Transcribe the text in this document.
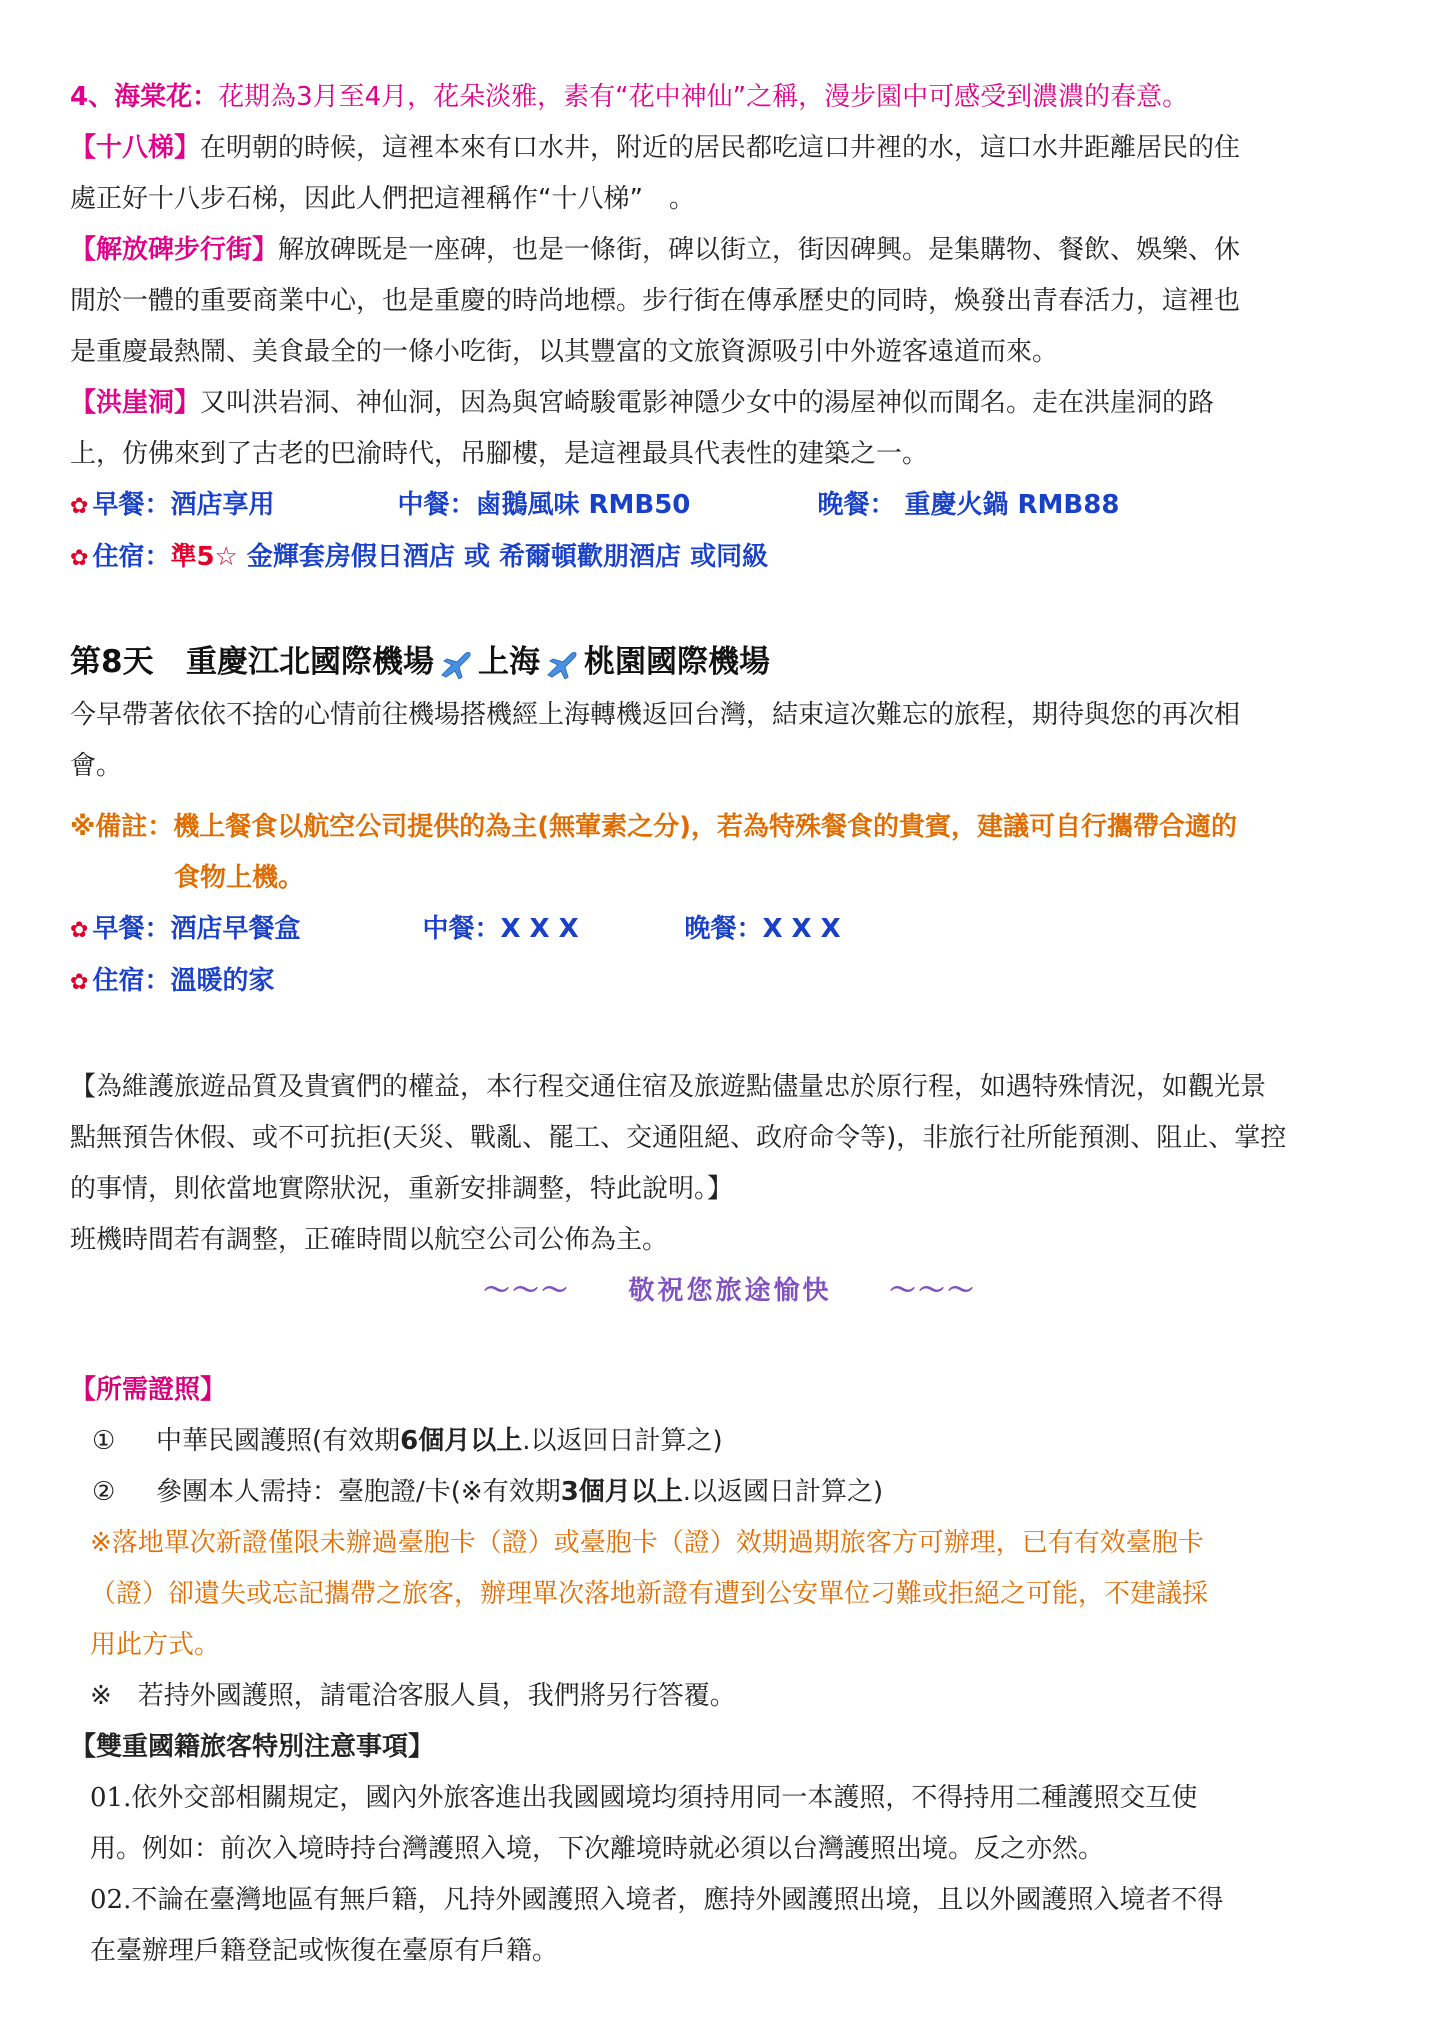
4、海棠花：花期為3月至4月，花朵淡雅，素有“花中神仙”之稱，漫步園中可感受到濃濃的春意。
【十八梯】在明朝的時候，這裡本來有口水井，附近的居民都吃這口井裡的水，這口水井距離居民的住
處正好十八步石梯，因此人們把這裡稱作“十八梯”　。
【解放碑步行街】解放碑既是一座碑，也是一條街，碑以街立，街因碑興。是集購物、餐飲、娛樂、休
閒於一體的重要商業中心，也是重慶的時尚地標。步行街在傳承歷史的同時，煥發出青春活力，這裡也
是重慶最熱鬧、美食最全的一條小吃街，以其豐富的文旅資源吸引中外遊客遠道而來。
【洪崖洞】又叫洪岩洞、神仙洞，因為與宮崎駿電影神隱少女中的湯屋神似而聞名。走在洪崖洞的路
上，仿佛來到了古老的巴渝時代，吊腳樓，是這裡最具代表性的建築之一。
✿ 早餐：酒店享用	中餐：鹵鵝風味 RMB50	晚餐： 重慶火鍋 RMB88
✿ 住宿：準5☆ 金輝套房假日酒店 或 希爾頓歡朋酒店 或同級
第8天 重慶江北國際機場 上海 桃園國際機場
今早帶著依依不捨的心情前往機場搭機經上海轉機返回台灣，結束這次難忘的旅程，期待與您的再次相
會。
※備註：機上餐食以航空公司提供的為主(無葷素之分)，若為特殊餐食的貴賓，建議可自行攜帶合適的
食物上機。
✿ 早餐：酒店早餐盒	中餐：X X X	晚餐：X X X
✿ 住宿：溫暖的家
【為維護旅遊品質及貴賓們的權益，本行程交通住宿及旅遊點儘量忠於原行程，如遇特殊情況，如觀光景
點無預告休假、或不可抗拒(天災、戰亂、罷工、交通阻絕、政府命令等)，非旅行社所能預測、阻止、掌控
的事情，則依當地實際狀況，重新安排調整，特此說明。】
班機時間若有調整，正確時間以航空公司公佈為主。
～～～　　敬祝您旅途愉快　　～～～
【所需證照】
① 中華民國護照(有效期6個月以上.以返回日計算之)
② 參團本人需持：臺胞證/卡(※有效期3個月以上.以返國日計算之)
※落地單次新證僅限未辦過臺胞卡（證）或臺胞卡（證）效期過期旅客方可辦理，已有有效臺胞卡
（證）卻遺失或忘記攜帶之旅客，辦理單次落地新證有遭到公安單位刁難或拒絕之可能，不建議採
用此方式。
※　若持外國護照，請電洽客服人員，我們將另行答覆。
【雙重國籍旅客特別注意事項】
01.依外交部相關規定，國內外旅客進出我國國境均須持用同一本護照，不得持用二種護照交互使
用。例如：前次入境時持台灣護照入境，下次離境時就必須以台灣護照出境。反之亦然。
02.不論在臺灣地區有無戶籍，凡持外國護照入境者，應持外國護照出境，且以外國護照入境者不得
在臺辦理戶籍登記或恢復在臺原有戶籍。
